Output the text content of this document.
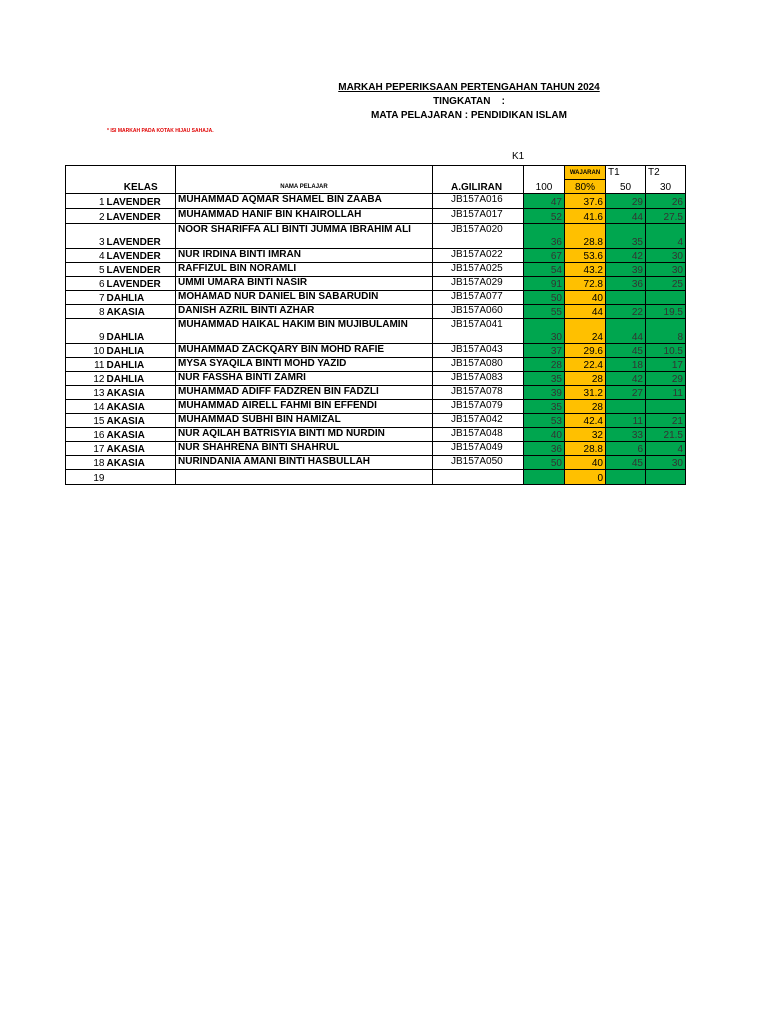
MARKAH PEPERIKSAAN PERTENGAHAN TAHUN 2024
TINGKATAN    :
MATA PELAJARAN : PENDIDIKAN ISLAM
* ISI MARKAH PADA KOTAK HIJAU SAHAJA.
K1
					WAJARAN	T1	T2
	KELAS	NAMA PELAJAR	A.GILIRAN	100	80%	50	30
1	LAVENDER	MUHAMMAD AQMAR SHAMEL BIN ZAABA	JB157A016	47	37.6	29	26
2	LAVENDER	MUHAMMAD HANIF BIN KHAIROLLAH	JB157A017	52	41.6	44	27.5
3	LAVENDER	NOOR SHARIFFA ALI BINTI JUMMA IBRAHIM ALI	JB157A020	36	28.8	35	4
4	LAVENDER	NUR IRDINA BINTI IMRAN	JB157A022	67	53.6	42	30
5	LAVENDER	RAFFIZUL BIN NORAMLI	JB157A025	54	43.2	39	30
6	LAVENDER	UMMI UMARA BINTI NASIR	JB157A029	91	72.8	36	25
7	DAHLIA	MOHAMAD NUR DANIEL BIN SABARUDIN	JB157A077	50	40		
8	AKASIA	DANISH AZRIL BINTI AZHAR	JB157A060	55	44	22	19.5
9	DAHLIA	MUHAMMAD HAIKAL HAKIM BIN MUJIBULAMIN	JB157A041	30	24	44	8
10	DAHLIA	MUHAMMAD ZACKQARY BIN MOHD RAFIE	JB157A043	37	29.6	45	10.5
11	DAHLIA	MYSA SYAQILA BINTI MOHD YAZID	JB157A080	28	22.4	18	17
12	DAHLIA	NUR FASSHA BINTI ZAMRI	JB157A083	35	28	42	29
13	AKASIA	MUHAMMAD ADIFF FADZREN BIN FADZLI	JB157A078	39	31.2	27	11
14	AKASIA	MUHAMMAD AIRELL FAHMI BIN EFFENDI	JB157A079	35	28		
15	AKASIA	MUHAMMAD SUBHI BIN HAMIZAL	JB157A042	53	42.4	11	21
16	AKASIA	NUR AQILAH BATRISYIA BINTI MD NURDIN	JB157A048	40	32	33	21.5
17	AKASIA	NUR SHAHRENA BINTI SHAHRUL	JB157A049	36	28.8	6	4
18	AKASIA	NURINDANIA AMANI BINTI HASBULLAH	JB157A050	50	40	45	30
19					0		
